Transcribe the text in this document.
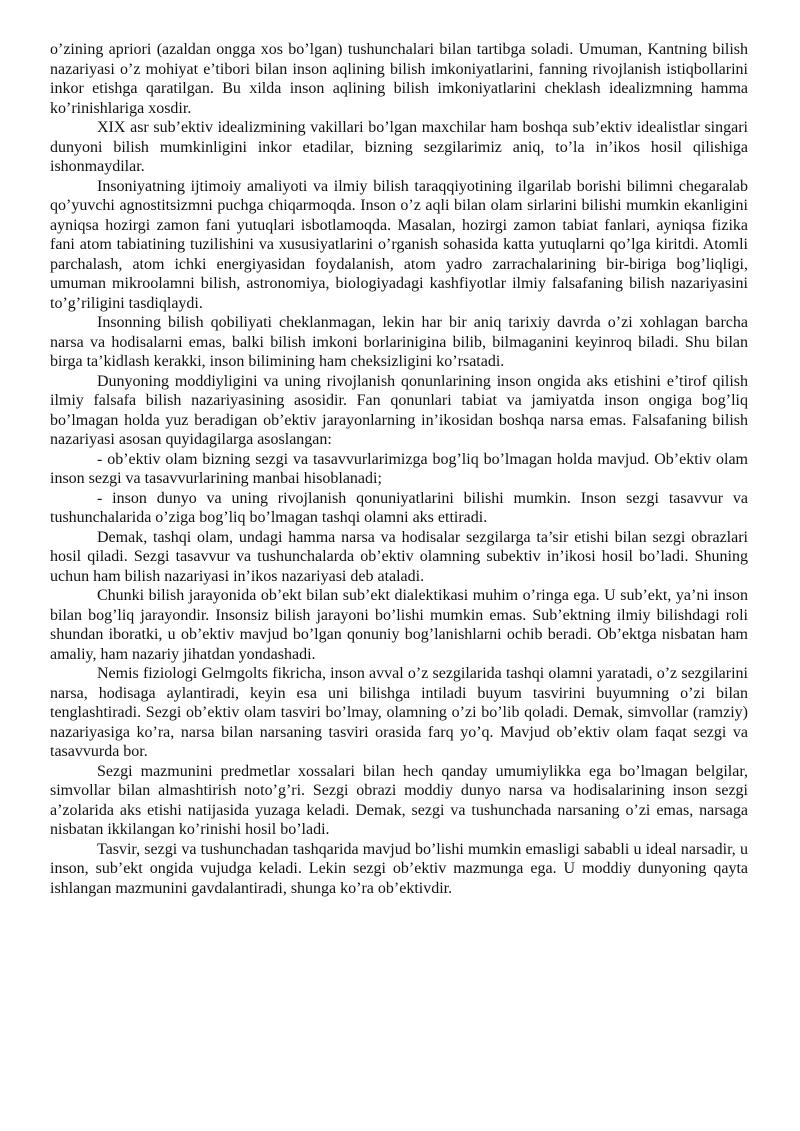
o’zining apriori (azaldan ongga xos bo’lgan) tushunchalari bilan tartibga soladi. Umuman, Kantning bilish nazariyasi o’z mohiyat e’tibori bilan inson aqlining bilish imkoniyatlarini, fanning rivojlanish istiqbollarini inkor etishga qaratilgan. Bu xilda inson aqlining bilish imkoniyatlarini cheklash idealizmning hamma ko’rinishlariga xosdir.

XIX asr sub’ektiv idealizmining vakillari bo’lgan maxchilar ham boshqa sub’ektiv idealistlar singari dunyoni bilish mumkinligini inkor etadilar, bizning sezgilarimiz aniq, to’la in’ikos hosil qilishiga ishonmaydilar.

Insoniyatning ijtimoiy amaliyoti va ilmiy bilish taraqqiyotining ilgarilab borishi bilimni chegaralab qo’yuvchi agnostitsizmni puchga chiqarmoqda. Inson o’z aqli bilan olam sirlarini bilishi mumkin ekanligini ayniqsa hozirgi zamon fani yutuqlari isbotlamoqda. Masalan, hozirgi zamon tabiat fanlari, ayniqsa fizika fani atom tabiatining tuzilishini va xususiyatlarini o’rganish sohasida katta yutuqlarni qo’lga kiritdi. Atomli parchalash, atom ichki energiyasidan foydalanish, atom yadro zarrachalarining bir-biriga bog’liqligi, umuman mikroolamni bilish, astronomiya, biologiyadagi kashfiyotlar ilmiy falsafaning bilish nazariyasini to’g’riligini tasdiqlaydi.

Insonning bilish qobiliyati cheklanmagan, lekin har bir aniq tarixiy davrda o’zi xohlagan barcha narsa va hodisalarni emas, balki bilish imkoni borlarinigina bilib, bilmaganini keyinroq biladi. Shu bilan birga ta’kidlash kerakki, inson bilimining ham cheksizligini ko’rsatadi.

Dunyoning moddiyligini va uning rivojlanish qonunlarining inson ongida aks etishini e’tirof qilish ilmiy falsafa bilish nazariyasining asosidir. Fan qonunlari tabiat va jamiyatda inson ongiga bog’liq bo’lmagan holda yuz beradigan ob’ektiv jarayonlarning in’ikosidan boshqa narsa emas. Falsafaning bilish nazariyasi asosan quyidagilarga asoslangan:

- ob’ektiv olam bizning sezgi va tasavvurlarimizga bog’liq bo’lmagan holda mavjud. Ob’ektiv olam inson sezgi va tasavvurlarining manbai hisoblanadi;

- inson dunyo va uning rivojlanish qonuniyatlarini bilishi mumkin. Inson sezgi tasavvur va tushunchalarida o’ziga bog’liq bo’lmagan tashqi olamni aks ettiradi.

Demak, tashqi olam, undagi hamma narsa va hodisalar sezgilarga ta’sir etishi bilan sezgi obrazlari hosil qiladi. Sezgi tasavvur va tushunchalarda ob’ektiv olamning subektiv in’ikosi hosil bo’ladi. Shuning uchun ham bilish nazariyasi in’ikos nazariyasi deb ataladi.

Chunki bilish jarayonida ob’ekt bilan sub’ekt dialektikasi muhim o’ringa ega. U sub’ekt, ya’ni inson bilan bog’liq jarayondir. Insonsiz bilish jarayoni bo’lishi mumkin emas. Sub’ektning ilmiy bilishdagi roli shundan iboratki, u ob’ektiv mavjud bo’lgan qonuniy bog’lanishlarni ochib beradi. Ob’ektga nisbatan ham amaliy, ham nazariy jihatdan yondashadi.

Nemis fiziologi Gelmgolts fikricha, inson avval o’z sezgilarida tashqi olamni yaratadi, o’z sezgilarini narsa, hodisaga aylantiradi, keyin esa uni bilishga intiladi buyum tasvirini buyumning o’zi bilan tenglashtiradi. Sezgi ob’ektiv olam tasviri bo’lmay, olamning o’zi bo’lib qoladi. Demak, simvollar (ramziy) nazariyasiga ko’ra, narsa bilan narsaning tasviri orasida farq yo’q. Mavjud ob’ektiv olam faqat sezgi va tasavvurda bor.

Sezgi mazmunini predmetlar xossalari bilan hech qanday umumiylikka ega bo’lmagan belgilar, simvollar bilan almashtirish noto’g’ri. Sezgi obrazi moddiy dunyo narsa va hodisalarining inson sezgi a’zolarida aks etishi natijasida yuzaga keladi. Demak, sezgi va tushunchada narsaning o’zi emas, narsaga nisbatan ikkilangan ko’rinishi hosil bo’ladi.

Tasvir, sezgi va tushunchadan tashqarida mavjud bo’lishi mumkin emasligi sababli u ideal narsadir, u inson, sub’ekt ongida vujudga keladi. Lekin sezgi ob’ektiv mazmunga ega. U moddiy dunyoning qayta ishlangan mazmunini gavdalantiradi, shunga ko’ra ob’ektivdir.
